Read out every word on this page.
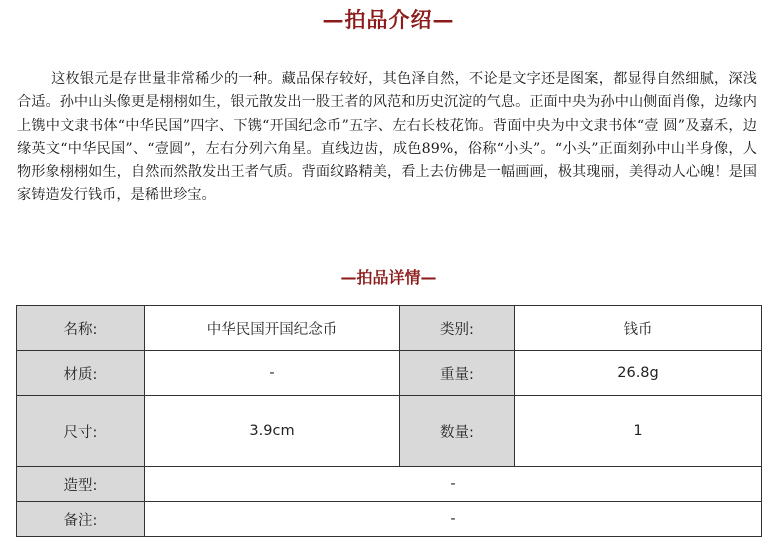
—拍品介绍—

这枚银元是存世量非常稀少的一种。藏品保存较好，其色泽自然，不论是文字还是图案，都显得自然细腻，深浅合适。孙中山头像更是栩栩如生，银元散发出一股王者的风范和历史沉淀的气息。正面中央为孙中山侧面肖像，边缘内上镌中文隶书体“中华民国”四字、下镌“开国纪念币”五字、左右长枝花饰。背面中央为中文隶书体“壹 圆”及嘉禾，边缘英文“中华民国”、“壹圆”，左右分列六角星。直线边齿，成色89%，俗称“小头”。“小头”正面刻孙中山半身像，人物形象栩栩如生，自然而然散发出王者气质。背面纹路精美，看上去仿佛是一幅画画，极其瑰丽，美得动人心魄！是国家铸造发行钱币，是稀世珍宝。

—拍品详情—
名称:	中华民国开国纪念币	类别:	钱币
材质:	-	重量:	26.8g
尺寸:	3.9cm	数量:	1
造型:	-		
备注:	-		
